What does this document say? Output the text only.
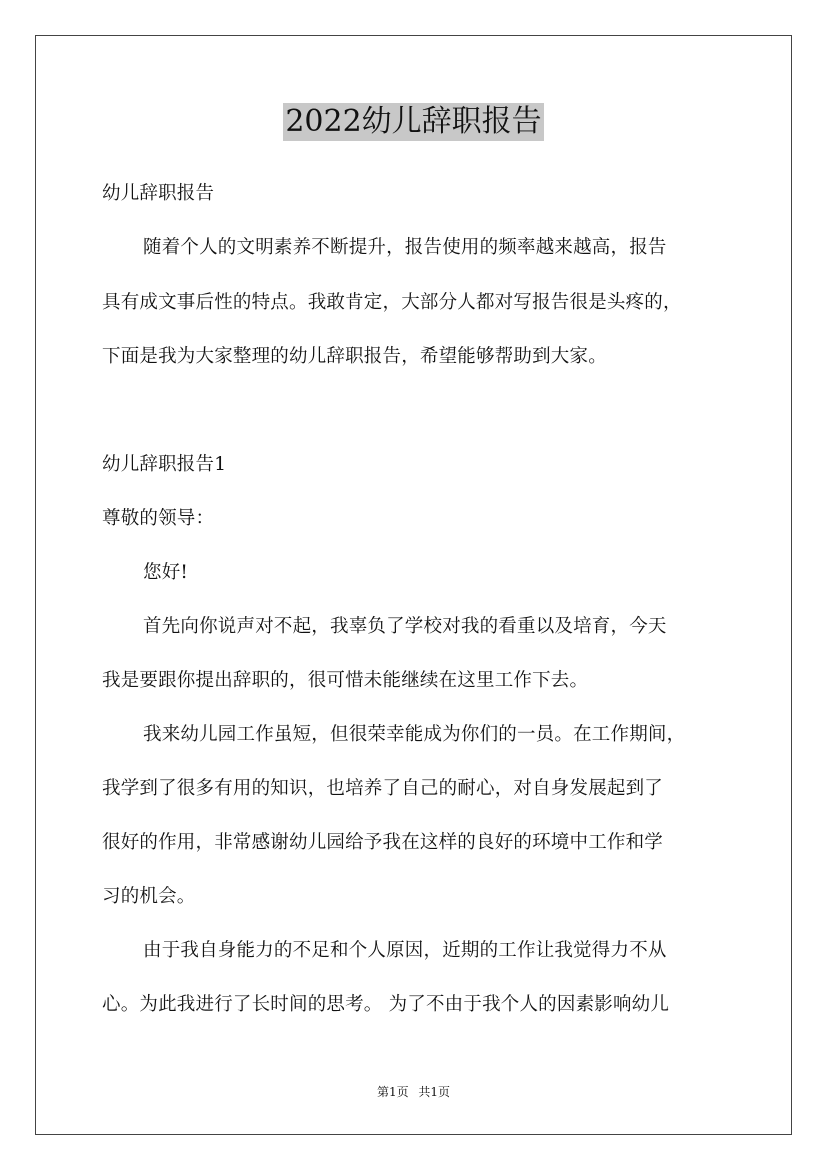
2022幼儿辞职报告
幼儿辞职报告
随着个人的文明素养不断提升，报告使用的频率越来越高，报告
具有成文事后性的特点。我敢肯定，大部分人都对写报告很是头疼的，
下面是我为大家整理的幼儿辞职报告，希望能够帮助到大家。
幼儿辞职报告1
尊敬的领导：
您好!
首先向你说声对不起，我辜负了学校对我的看重以及培育，今天
我是要跟你提出辞职的，很可惜未能继续在这里工作下去。
我来幼儿园工作虽短，但很荣幸能成为你们的一员。在工作期间，
我学到了很多有用的知识，也培养了自己的耐心，对自身发展起到了
很好的作用，非常感谢幼儿园给予我在这样的良好的环境中工作和学
习的机会。
由于我自身能力的不足和个人原因，近期的工作让我觉得力不从
心。为此我进行了长时间的思考。 为了不由于我个人的因素影响幼儿
第1页 共1页
